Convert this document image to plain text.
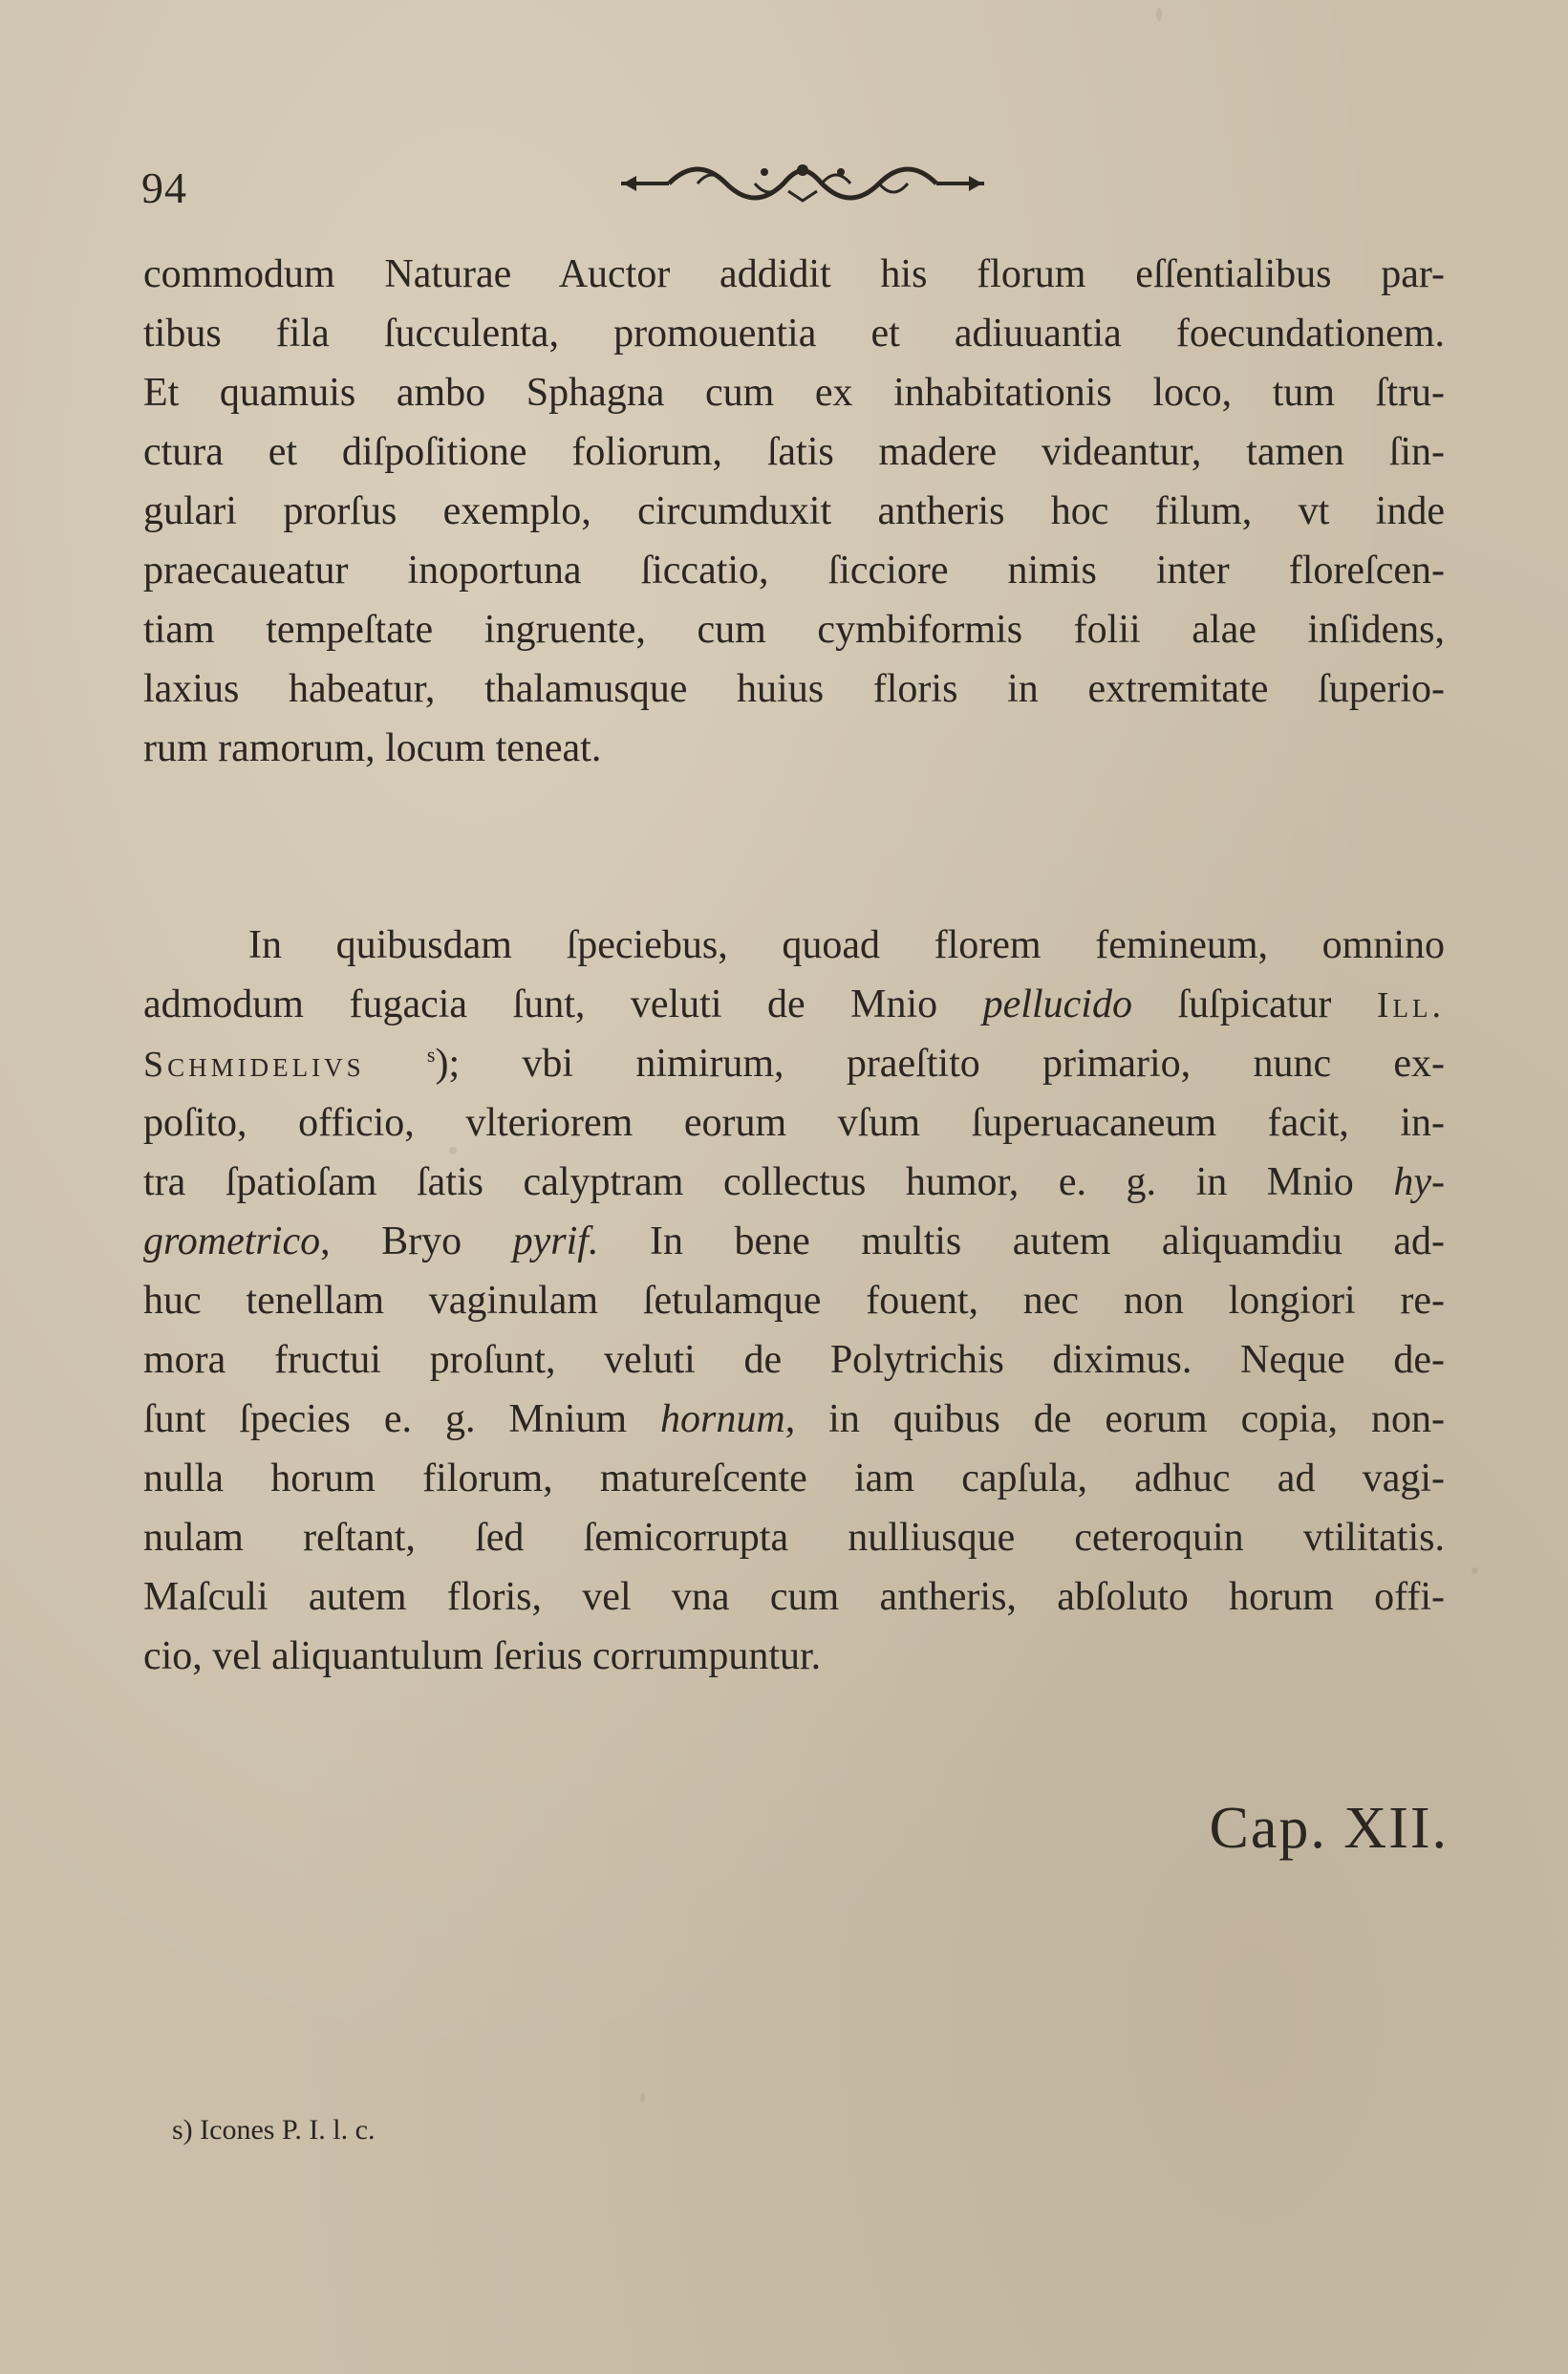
94
commodum Naturae Auctor addidit his florum eſſentialibus par-
tibus fila ſucculenta, promouentia et adiuuantia foecundationem.
Et quamuis ambo Sphagna cum ex inhabitationis loco, tum ſtru-
ctura et diſpoſitione foliorum, ſatis madere videantur, tamen ſin-
gulari prorſus exemplo, circumduxit antheris hoc filum, vt inde
praecaueatur inoportuna ſiccatio, ſicciore nimis inter floreſcen-
tiam tempeſtate ingruente, cum cymbiformis folii alae inſidens,
laxius habeatur, thalamusque huius floris in extremitate ſuperio-
rum ramorum, locum teneat.
In quibusdam ſpeciebus, quoad florem femineum, omnino
admodum fugacia ſunt, veluti de Mnio pellucido ſuſpicatur Ill.
Schmidelivs	$^s$); vbi nimirum, praeſtito primario, nunc ex-
poſito, officio, vlteriorem eorum vſum ſuperuacaneum facit, in-
tra ſpatioſam ſatis calyptram collectus humor, e. g. in Mnio hy-
grometrico, Bryo pyrif. In bene multis autem aliquamdiu ad-
huc tenellam vaginulam ſetulamque fouent, nec non longiori re-
mora fructui proſunt, veluti de Polytrichis diximus. Neque de-
ſunt ſpecies e. g. Mnium hornum, in quibus de eorum copia, non-
nulla horum filorum, matureſcente iam capſula, adhuc ad vagi-
nulam reſtant, ſed ſemicorrupta nulliusque ceteroquin vtilitatis.
Maſculi autem floris, vel vna cum antheris, abſoluto horum offi-
cio, vel aliquantulum ſerius corrumpuntur.
Cap. XII.
s) Icones P. I. l. c.
